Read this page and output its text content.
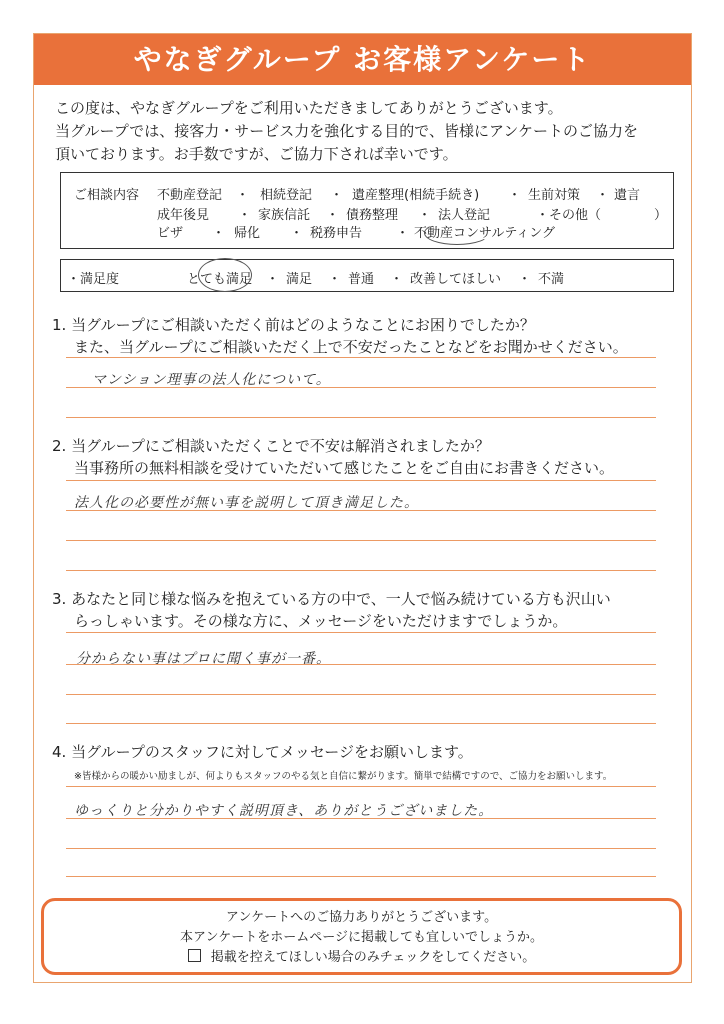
やなぎグループ お客様アンケート
この度は、やなぎグループをご利用いただきましてありがとうございます。
当グループでは、接客力・サービス力を強化する目的で、皆様にアンケートのご協力を
頂いております。お手数ですが、ご協力下されば幸いです。
ご相談内容 不動産登記 ・ 相続登記 ・ 遺産整理(相続手続き) ・ 生前対策 ・ 遺言
成年後見 ・ 家族信託 ・ 債務整理 ・ 法人登記	・その他（	）
ビザ ・ 帰化 ・ 税務申告	・ 不動産コンサルティング
・満足度	とても満足 ・ 満足 ・ 普通 ・ 改善してほしい ・ 不満
1. 当グループにご相談いただく前はどのようなことにお困りでしたか？
また、当グループにご相談いただく上で不安だったことなどをお聞かせください。
マンション理事の法人化について。
2. 当グループにご相談いただくことで不安は解消されましたか？
当事務所の無料相談を受けていただいて感じたことをご自由にお書きください。
法人化の必要性が無い事を説明して頂き満足した。
3. あなたと同じ様な悩みを抱えている方の中で、一人で悩み続けている方も沢山い
らっしゃいます。その様な方に、メッセージをいただけますでしょうか。
分からない事はプロに聞く事が一番。
4. 当グループのスタッフに対してメッセージをお願いします。
※皆様からの暖かい励ましが、何よりもスタッフのやる気と自信に繋がります。簡単で結構ですので、ご協力をお願いします。
ゆっくりと分かりやすく説明頂き、ありがとうございました。
アンケートへのご協力ありがとうございます。
本アンケートをホームページに掲載しても宜しいでしょうか。
掲載を控えてほしい場合のみチェックをしてください。
